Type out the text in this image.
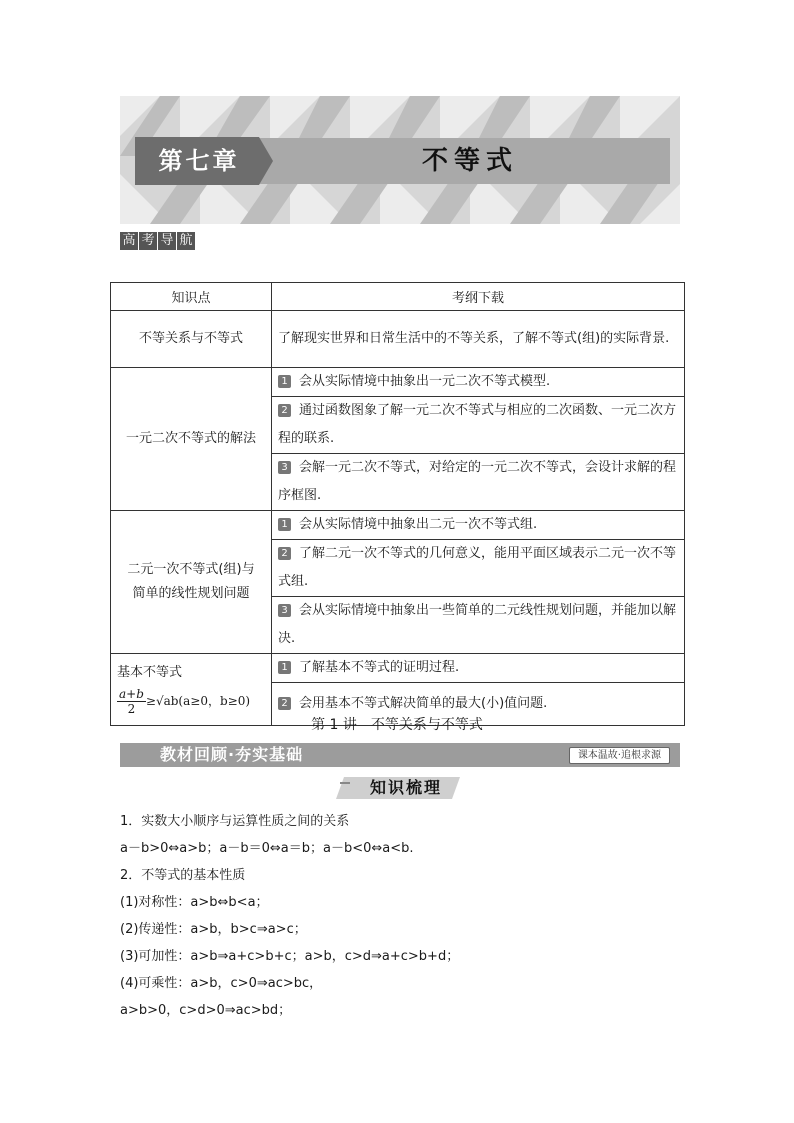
第七章	不等式
高 考 导 航
知识点	考纲下载
不等关系与不等式	了解现实世界和日常生活中的不等关系，了解不等式(组)的实际背景.
一元二次不等式的解法	1 会从实际情境中抽象出一元二次不等式模型.
	2 通过函数图象了解一元二次不等式与相应的二次函数、一元二次方程的联系.
	3 会解一元二次不等式，对给定的一元二次不等式，会设计求解的程序框图.

二元一次不等式(组)与
简单的线性规划问题	1 会从实际情境中抽象出二元一次不等式组.
	2 了解二元一次不等式的几何意义，能用平面区域表示二元一次不等式组.
	3 会从实际情境中抽象出一些简单的二元线性规划问题，并能加以解决.

基本不等式
$\frac{a+b}{2} \ge√ab(a\ge 0$，b≥0)	1 了解基本不等式的证明过程.
	2 会用基本不等式解决简单的最大(小)值问题.
第 1 讲　不等关系与不等式
教材回顾·夯实基础	课本温故·追根求源
知识梳理
1．实数大小顺序与运算性质之间的关系
a－b>0⇔a>b；a－b＝0⇔a＝b；a－b<0⇔a<b.
2．不等式的基本性质
(1)对称性：a>b⇔b<a；
(2)传递性：a>b，b>c⇒a>c；
(3)可加性：a>b⇒a+c>b+c；a>b，c>d⇒a+c>b+d；
(4)可乘性：a>b，c>0⇒ac>bc，
a>b>0，c>d>0⇒ac>bd；
